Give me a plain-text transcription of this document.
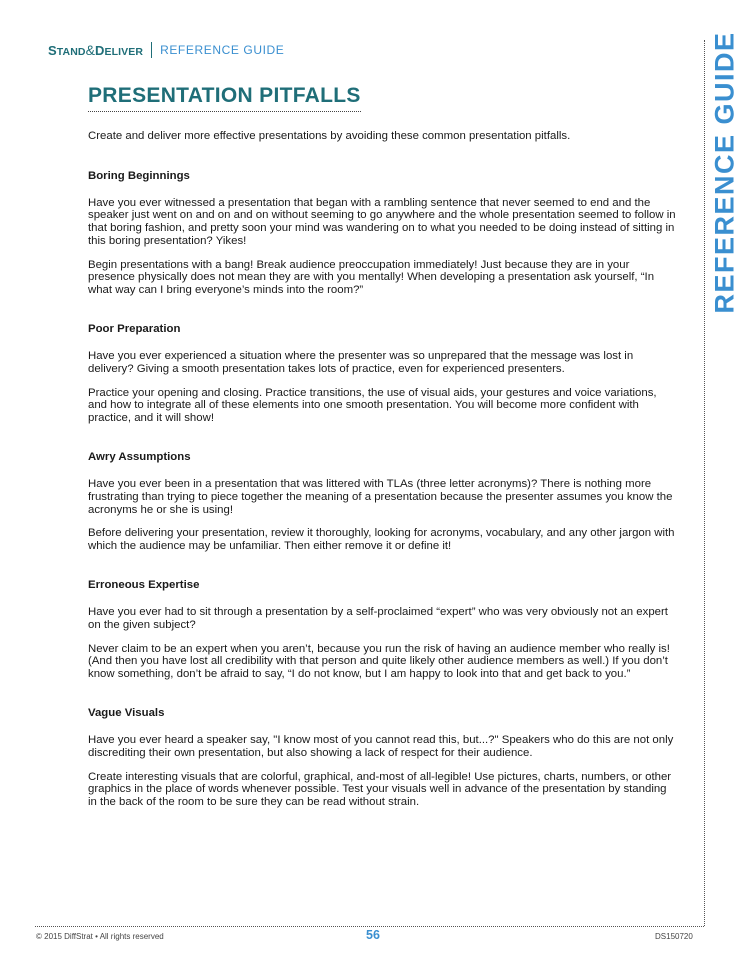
STAND&DELIVER REFERENCE GUIDE	REFERENCE GUIDE
PRESENTATION PITFALLS

Create and deliver more effective presentations by avoiding these common presentation pitfalls.

Boring Beginnings

Have you ever witnessed a presentation that began with a rambling sentence that never seemed to end and the speaker just went on and on and on without seeming to go anywhere and the whole presentation seemed to follow in that boring fashion, and pretty soon your mind was wandering on to what you needed to be doing instead of sitting in this boring presentation? Yikes!

Begin presentations with a bang! Break audience preoccupation immediately! Just because they are in your presence physically does not mean they are with you mentally! When developing a presentation ask yourself, “In what way can I bring everyone’s minds into the room?”

Poor Preparation

Have you ever experienced a situation where the presenter was so unprepared that the message was lost in delivery? Giving a smooth presentation takes lots of practice, even for experienced presenters.

Practice your opening and closing. Practice transitions, the use of visual aids, your gestures and voice variations, and how to integrate all of these elements into one smooth presentation. You will become more confident with practice, and it will show!

Awry Assumptions

Have you ever been in a presentation that was littered with TLAs (three letter acronyms)? There is nothing more frustrating than trying to piece together the meaning of a presentation because the presenter assumes you know the acronyms he or she is using!

Before delivering your presentation, review it thoroughly, looking for acronyms, vocabulary, and any other jargon with which the audience may be unfamiliar. Then either remove it or define it!

Erroneous Expertise

Have you ever had to sit through a presentation by a self-proclaimed “expert” who was very obviously not an expert on the given subject?

Never claim to be an expert when you aren’t, because you run the risk of having an audience member who really is! (And then you have lost all credibility with that person and quite likely other audience members as well.) If you don’t know something, don’t be afraid to say, “I do not know, but I am happy to look into that and get back to you.”

Vague Visuals

Have you ever heard a speaker say, "I know most of you cannot read this, but...?" Speakers who do this are not only discrediting their own presentation, but also showing a lack of respect for their audience.

Create interesting visuals that are colorful, graphical, and-most of all-legible! Use pictures, charts, numbers, or other graphics in the place of words whenever possible. Test your visuals well in advance of the presentation by standing in the back of the room to be sure they can be read without strain.

© 2015 DiffStrat • All rights reserved	56	DS150720
